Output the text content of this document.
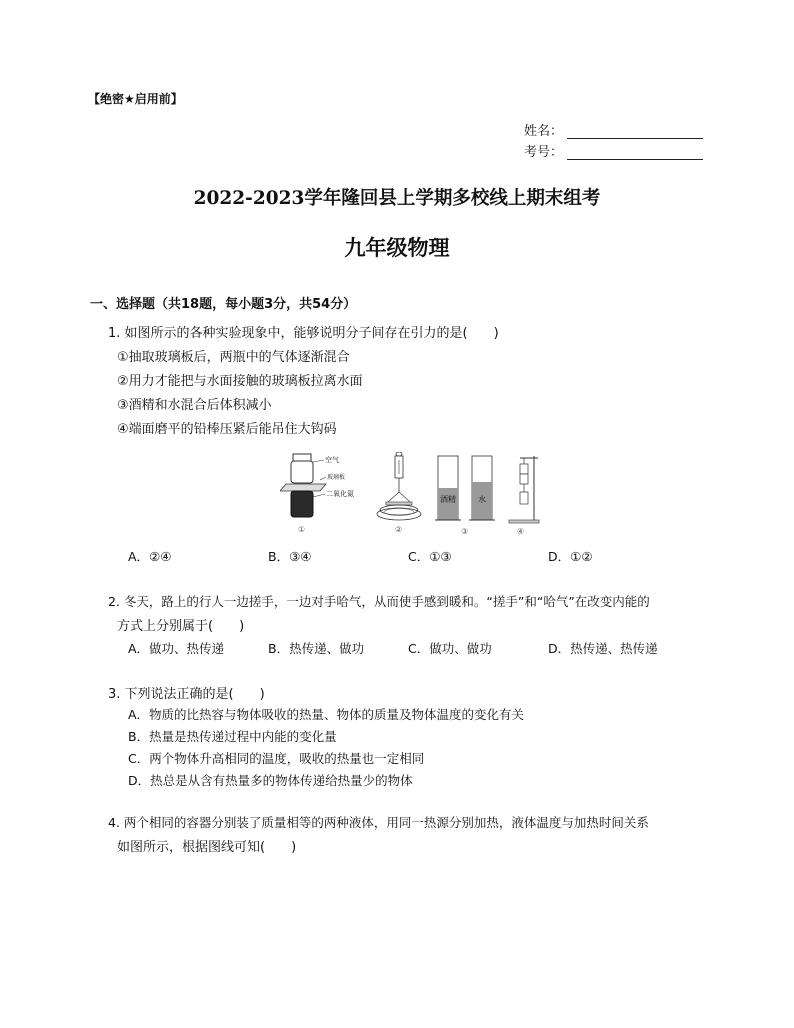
【绝密★启用前】
姓名：
考号：
2022-2023学年隆回县上学期多校线上期末组考
九年级物理
一、选择题（共18题，每小题3分，共54分）
1. 如图所示的各种实验现象中，能够说明分子间存在引力的是(　　)
①抽取玻璃板后，两瓶中的气体逐渐混合
②用力才能把与水面接触的玻璃板拉离水面
③酒精和水混合后体积减小
④端面磨平的铅棒压紧后能吊住大钩码
空气
玻璃板
二氧化氮
①	②
酒精	水
③	④
A．②④	B．③④	C．①③	D．①②
2. 冬天，路上的行人一边搓手，一边对手哈气，从而使手感到暖和。“搓手”和“哈气”在改变内能的
方式上分别属于(　　)
A．做功、热传递	B．热传递、做功	C．做功、做功	D．热传递、热传递
3. 下列说法正确的是(　　)
A．物质的比热容与物体吸收的热量、物体的质量及物体温度的变化有关
B．热量是热传递过程中内能的变化量
C．两个物体升高相同的温度，吸收的热量也一定相同
D．热总是从含有热量多的物体传递给热量少的物体
4. 两个相同的容器分别装了质量相等的两种液体，用同一热源分别加热，液体温度与加热时间关系
如图所示，根据图线可知(　　)
